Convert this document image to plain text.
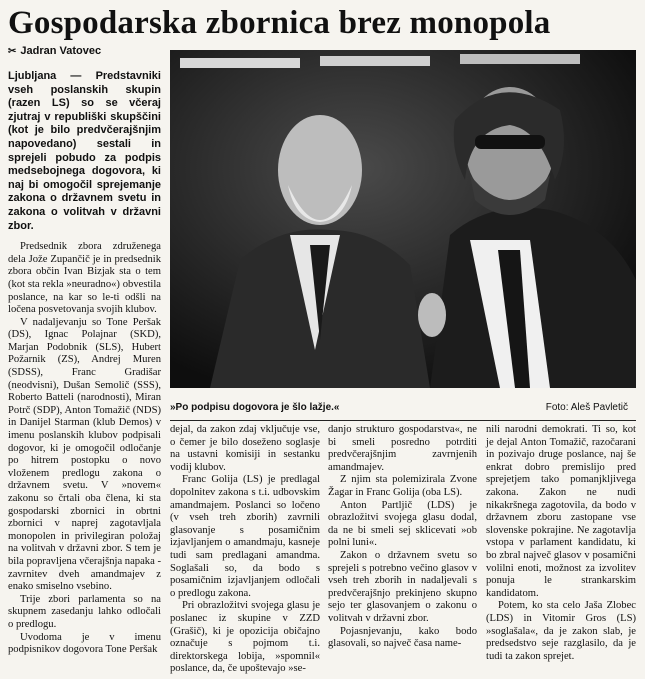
Gospodarska zbornica brez monopola
✂ Jadran Vatovec
»Po podpisu dogovora je šlo lažje.«	Foto: Aleš Pavletič

Ljubljana — Predstavniki vseh poslanskih skupin (razen LS) so se včeraj zjutraj v republiški skupščini (kot je bilo predvčerajšnjim napovedano) sestali in sprejeli pobudo za podpis medsebojnega dogovora, ki naj bi omogočil sprejemanje zakona o državnem svetu in zakona o volitvah v državni zbor.

Predsednik zbora združenega dela Jože Zupančič je in predsednik zbora občin Ivan Bizjak sta o tem (kot sta rekla »neuradno«) obvestila poslance, na kar so le-ti odšli na ločena posvetovanja svojih klubov.

V nadaljevanju so Tone Peršak (DS), Ignac Polajnar (SKD), Marjan Podobnik (SLS), Hubert Požarnik (ZS), Andrej Muren (SDSS), Franc Gradišar (neodvisni), Dušan Semolič (SSS), Roberto Batteli (narodnosti), Miran Potrč (SDP), Anton Tomažič (NDS) in Danijel Starman (klub Demos) v imenu poslanskih klubov podpisali dogovor, ki je omogočil odločanje po hitrem postopku o novo vloženem predlogu zakona o državnem svetu. V »novem« zakonu so črtali oba člena, ki sta gospodarski zbornici in obrtni zbornici v naprej zagotavljala monopolen in privilegiran položaj na volitvah v državni zbor. S tem je bila popravljena včerajšnja napaka - zavrnitev dveh amandmajev z enako smiselno vsebino.

Trije zbori parlamenta so na skupnem zasedanju lahko odločali o predlogu.

Uvodoma je v imenu podpisnikov dogovora Tone Peršak

dejal, da zakon zdaj vključuje vse, o čemer je bilo doseženo soglasje na ustavni komisiji in sestanku vodij klubov.

Franc Golija (LS) je predlagal dopolnitev zakona s t.i. udbovskim amandmajem. Poslanci so ločeno (v vseh treh zborih) zavrnili glasovanje s posamičnim izjavljanjem o amandmaju, kasneje tudi sam predlagani amandma. Soglašali so, da bodo s posamičnim izjavljanjem odločali o predlogu zakona.

Pri obrazložitvi svojega glasu je poslanec iz skupine v ZZD (Grašič), ki je opozicija običajno označuje s pojmom t.i. direktorskega lobija, »spomnil« poslance, da, če upoštevajo »se-

danjo strukturo gospodarstva«, ne bi smeli posredno potrditi predvčerajšnjim zavrnjenih amandmajev.

Z njim sta polemizirala Zvone Žagar in Franc Golija (oba LS).

Anton Partljič (LDS) je obrazložitvi svojega glasu dodal, da ne bi smeli sej sklicevati »ob polni luni«.

Zakon o državnem svetu so sprejeli s potrebno večino glasov v vseh treh zborih in nadaljevali s predvčerajšnjo prekinjeno skupno sejo ter glasovanjem o zakonu o volitvah v državni zbor.

Pojasnjevanju, kako bodo glasovali, so največ časa name-

nili narodni demokrati. Ti so, kot je dejal Anton Tomažič, razočarani in pozivajo druge poslance, naj še enkrat dobro premislijo pred sprejetjem tako pomanjkljivega zakona. Zakon ne nudi nikakršnega zagotovila, da bodo v državnem zboru zastopane vse slovenske pokrajine. Ne zagotavlja vstopa v parlament kandidatu, ki bo zbral največ glasov v posamični volilni enoti, možnost za izvolitev ponuja le strankarskim kandidatom.

Potem, ko sta celo Jaša Zlobec (LDS) in Vitomir Gros (LS) »soglašala«, da je zakon slab, je predsedstvo seje razglasilo, da je tudi ta zakon sprejet.
